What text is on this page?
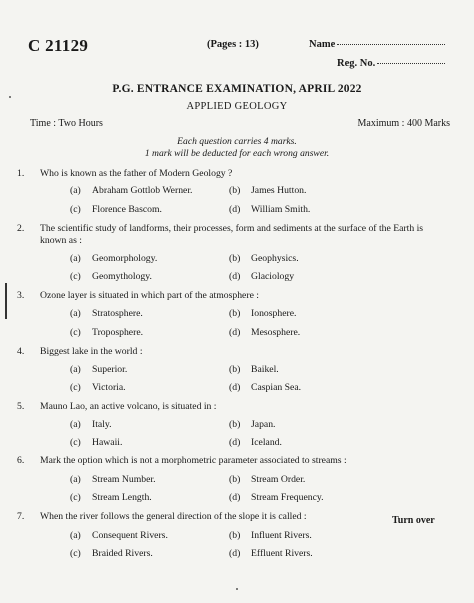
C 21129	(Pages : 13)	Name
Reg. No.
P.G. ENTRANCE EXAMINATION, APRIL 2022
APPLIED GEOLOGY
Time : Two Hours	Maximum : 400 Marks
Each question carries 4 marks.
1 mark will be deducted for each wrong answer.
1. Who is known as the father of Modern Geology ?
(a) Abraham Gottlob Werner.	(b) James Hutton.
(c) Florence Bascom.	(d) William Smith.
2. The scientific study of landforms, their processes, form and sediments at the surface of the Earth is known as :
(a) Geomorphology.	(b) Geophysics.
(c) Geomythology.	(d) Glaciology
3. Ozone layer is situated in which part of the atmosphere :
(a) Stratosphere.	(b) Ionosphere.
(c) Troposphere.	(d) Mesosphere.
4. Biggest lake in the world :
(a) Superior.	(b) Baikel.
(c) Victoria.	(d) Caspian Sea.
5. Mauno Lao, an active volcano, is situated in :
(a) Italy.	(b) Japan.
(c) Hawaii.	(d) Iceland.
6. Mark the option which is not a morphometric parameter associated to streams :
(a) Stream Number.	(b) Stream Order.
(c) Stream Length.	(d) Stream Frequency.
7. When the river follows the general direction of the slope it is called :
(a) Consequent Rivers.	(b) Influent Rivers.
(c) Braided Rivers.	(d) Effluent Rivers.
Turn over
